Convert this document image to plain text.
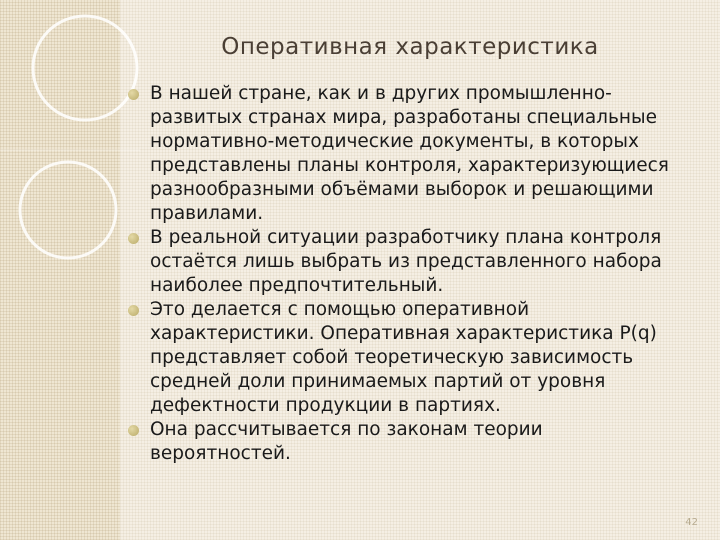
Оперативная характеристика
В нашей стране, как и в других промышленно-развитых странах мира, разработаны специальные нормативно-методические документы, в которых представлены планы контроля, характеризующиеся разнообразными объёмами выборок и решающими правилами.
В реальной ситуации разработчику плана контроля остаётся лишь выбрать из представленного набора наиболее предпочтительный.
Это делается с помощью оперативной характеристики. Оперативная характеристика P(q) представляет собой теоретическую зависимость средней доли принимаемых партий от уровня дефектности продукции в партиях.
Она рассчитывается по законам теории вероятностей.
42
